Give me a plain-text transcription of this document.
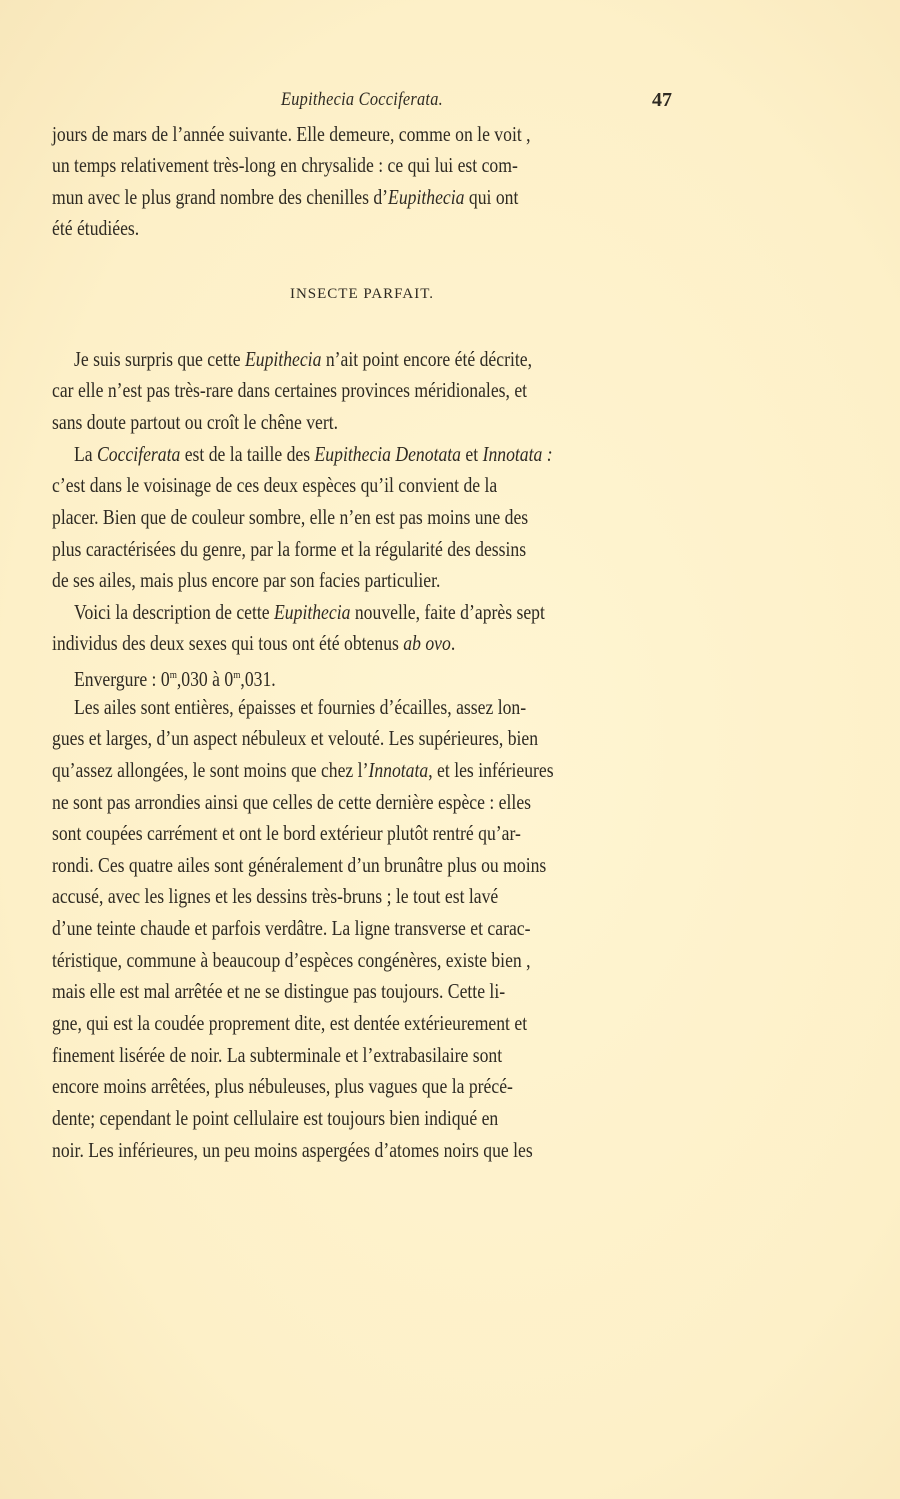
Eupithecia Cocciferata.	47
jours de mars de l’année suivante. Elle demeure, comme on le voit ,
un temps relativement très-long en chrysalide : ce qui lui est com-
mun avec le plus grand nombre des chenilles d’Eupithecia qui ont
été étudiées.
INSECTE PARFAIT.
Je suis surpris que cette Eupithecia n’ait point encore été décrite,
car elle n’est pas très-rare dans certaines provinces méridionales, et
sans doute partout ou croît le chêne vert.
La Cocciferata est de la taille des Eupithecia Denotata et Innotata :
c’est dans le voisinage de ces deux espèces qu’il convient de la
placer. Bien que de couleur sombre, elle n’en est pas moins une des
plus caractérisées du genre, par la forme et la régularité des dessins
de ses ailes, mais plus encore par son facies particulier.
Voici la description de cette Eupithecia nouvelle, faite d’après sept
individus des deux sexes qui tous ont été obtenus ab ovo.
Envergure : 0$^m$,030 à 0$^m$,031.
Les ailes sont entières, épaisses et fournies d’écailles, assez lon-
gues et larges, d’un aspect nébuleux et velouté. Les supérieures, bien
qu’assez allongées, le sont moins que chez l’Innotata, et les inférieures
ne sont pas arrondies ainsi que celles de cette dernière espèce : elles
sont coupées carrément et ont le bord extérieur plutôt rentré qu’ar-
rondi. Ces quatre ailes sont généralement d’un brunâtre plus ou moins
accusé, avec les lignes et les dessins très-bruns ; le tout est lavé
d’une teinte chaude et parfois verdâtre. La ligne transverse et carac-
téristique, commune à beaucoup d’espèces congénères, existe bien ,
mais elle est mal arrêtée et ne se distingue pas toujours. Cette li-
gne, qui est la coudée proprement dite, est dentée extérieurement et
finement lisérée de noir. La subterminale et l’extrabasilaire sont
encore moins arrêtées, plus nébuleuses, plus vagues que la précé-
dente; cependant le point cellulaire est toujours bien indiqué en
noir. Les inférieures, un peu moins aspergées d’atomes noirs que les
